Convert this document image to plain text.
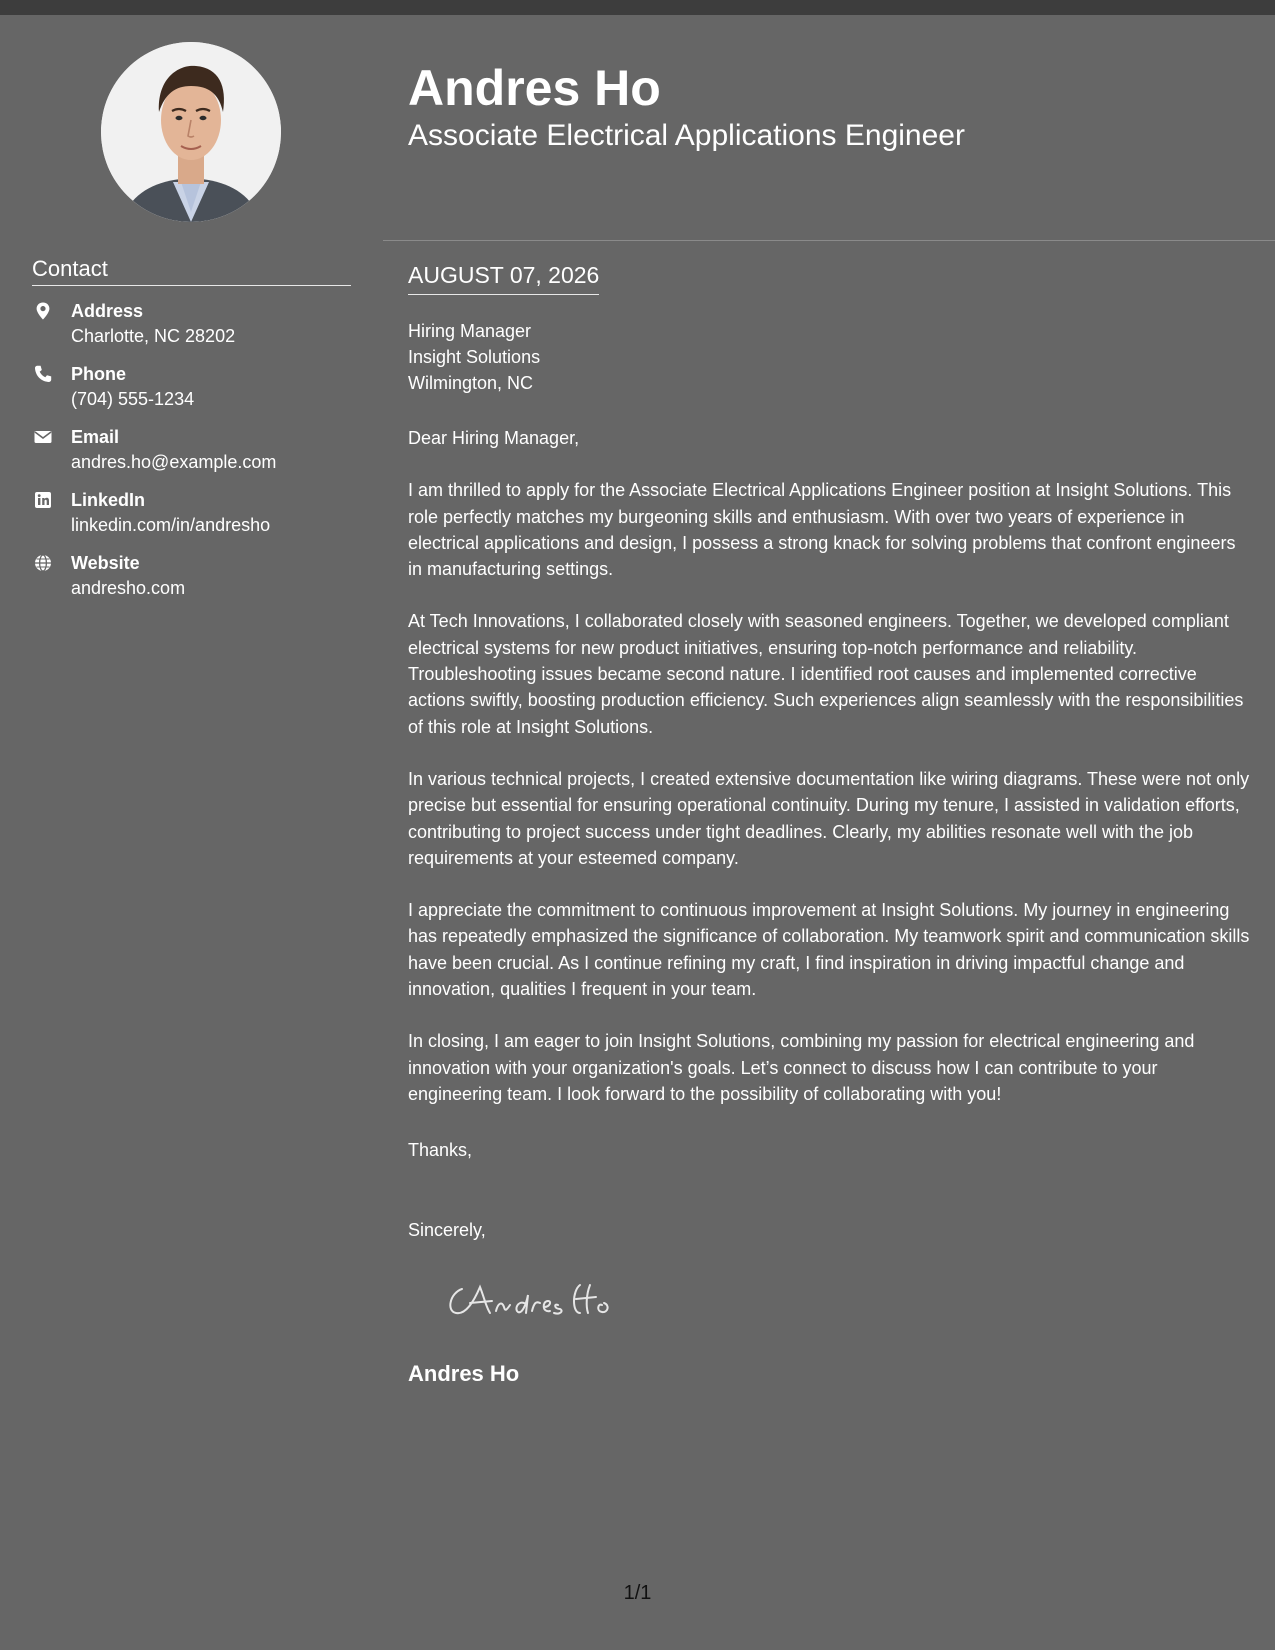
Andres Ho
Associate Electrical Applications Engineer
Contact
Address
Charlotte, NC 28202
Phone
(704) 555-1234
Email
andres.ho@example.com
LinkedIn
linkedin.com/in/andresho
Website
andresho.com
AUGUST 07, 2026
Hiring Manager
Insight Solutions
Wilmington, NC
Dear Hiring Manager,

I am thrilled to apply for the Associate Electrical Applications Engineer position at Insight Solutions. This role perfectly matches my burgeoning skills and enthusiasm. With over two years of experience in electrical applications and design, I possess a strong knack for solving problems that confront engineers in manufacturing settings.

At Tech Innovations, I collaborated closely with seasoned engineers. Together, we developed compliant electrical systems for new product initiatives, ensuring top-notch performance and reliability. Troubleshooting issues became second nature. I identified root causes and implemented corrective actions swiftly, boosting production efficiency. Such experiences align seamlessly with the responsibilities of this role at Insight Solutions.

In various technical projects, I created extensive documentation like wiring diagrams. These were not only precise but essential for ensuring operational continuity. During my tenure, I assisted in validation efforts, contributing to project success under tight deadlines. Clearly, my abilities resonate well with the job requirements at your esteemed company.

I appreciate the commitment to continuous improvement at Insight Solutions. My journey in engineering has repeatedly emphasized the significance of collaboration. My teamwork spirit and communication skills have been crucial. As I continue refining my craft, I find inspiration in driving impactful change and innovation, qualities I frequent in your team.

In closing, I am eager to join Insight Solutions, combining my passion for electrical engineering and innovation with your organization's goals. Let’s connect to discuss how I can contribute to your engineering team. I look forward to the possibility of collaborating with you!

Thanks,
Sincerely,
Andres Ho
1/1
